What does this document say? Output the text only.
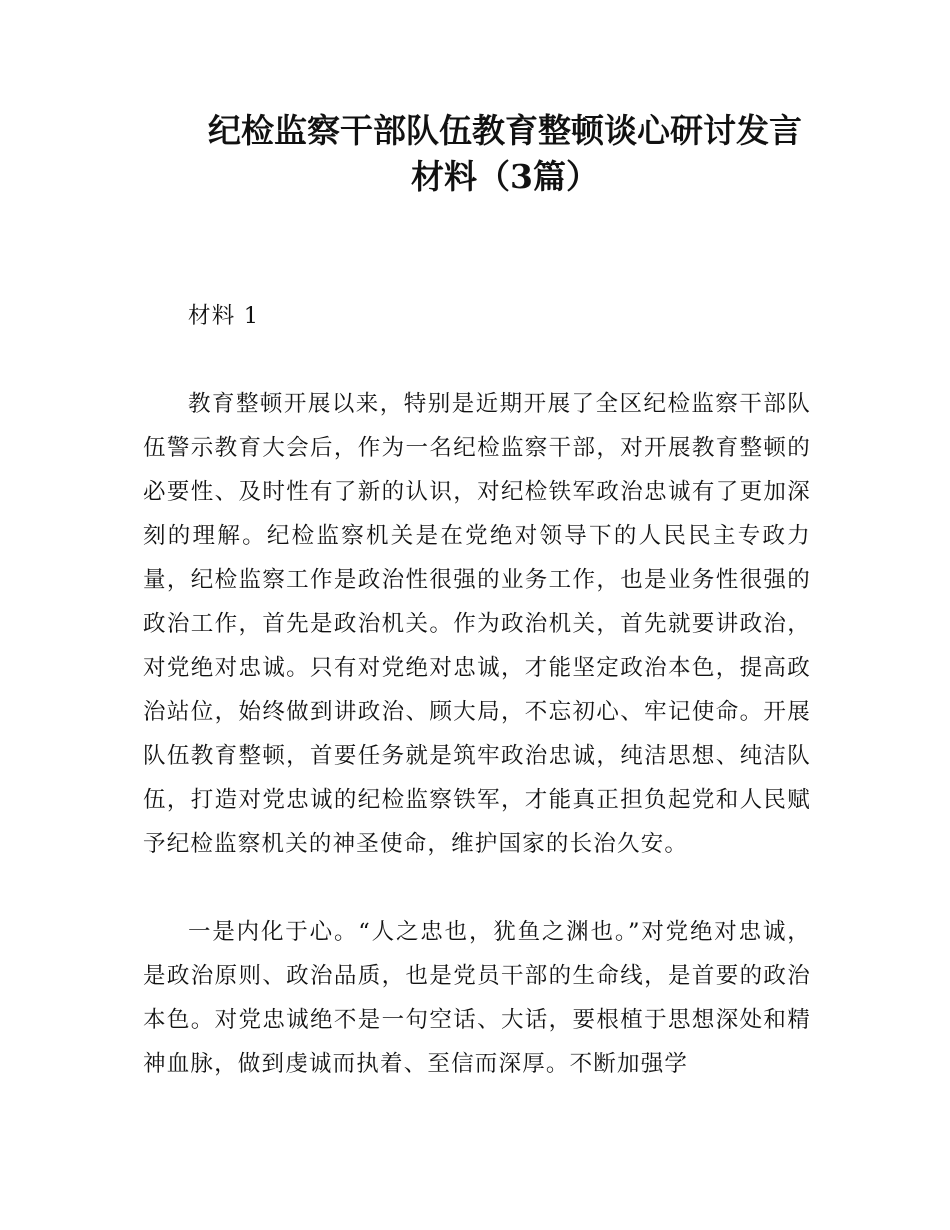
纪检监察干部队伍教育整顿谈心研讨发言
材料（3篇）

材料 1

教育整顿开展以来，特别是近期开展了全区纪检监察干部队伍警示教育大会后，作为一名纪检监察干部，对开展教育整顿的必要性、及时性有了新的认识，对纪检铁军政治忠诚有了更加深刻的理解。纪检监察机关是在党绝对领导下的人民民主专政力量，纪检监察工作是政治性很强的业务工作，也是业务性很强的政治工作，首先是政治机关。作为政治机关，首先就要讲政治，对党绝对忠诚。只有对党绝对忠诚，才能坚定政治本色，提高政治站位，始终做到讲政治、顾大局，不忘初心、牢记使命。开展队伍教育整顿，首要任务就是筑牢政治忠诚，纯洁思想、纯洁队伍，打造对党忠诚的纪检监察铁军，才能真正担负起党和人民赋予纪检监察机关的神圣使命，维护国家的长治久安。

一是内化于心。“人之忠也，犹鱼之渊也。”对党绝对忠诚，是政治原则、政治品质，也是党员干部的生命线，是首要的政治本色。对党忠诚绝不是一句空话、大话，要根植于思想深处和精神血脉，做到虔诚而执着、至信而深厚。不断加强学
